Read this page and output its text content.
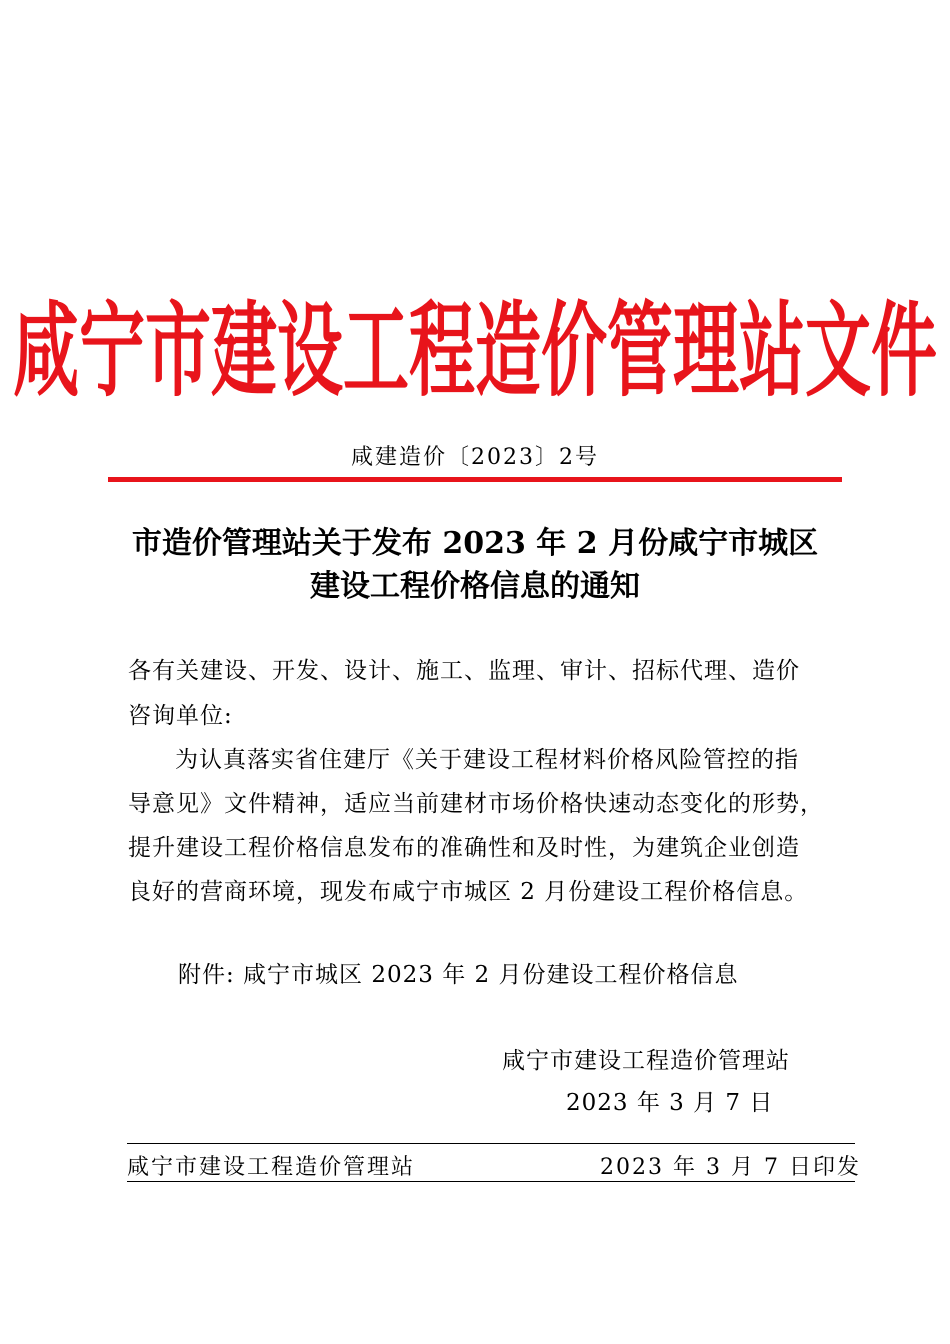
咸宁市建设工程造价管理站文件
咸建造价〔2023〕2号
市造价管理站关于发布 2023 年 2 月份咸宁市城区
建设工程价格信息的通知
各有关建设、开发、设计、施工、监理、审计、招标代理、造价
咨询单位:
为认真落实省住建厅《关于建设工程材料价格风险管控的指
导意见》文件精神，适应当前建材市场价格快速动态变化的形势，
提升建设工程价格信息发布的准确性和及时性，为建筑企业创造
良好的营商环境，现发布咸宁市城区 2 月份建设工程价格信息。
附件: 咸宁市城区 2023 年 2 月份建设工程价格信息
咸宁市建设工程造价管理站
2023 年 3 月 7 日
咸宁市建设工程造价管理站	2023 年 3 月 7 日印发
